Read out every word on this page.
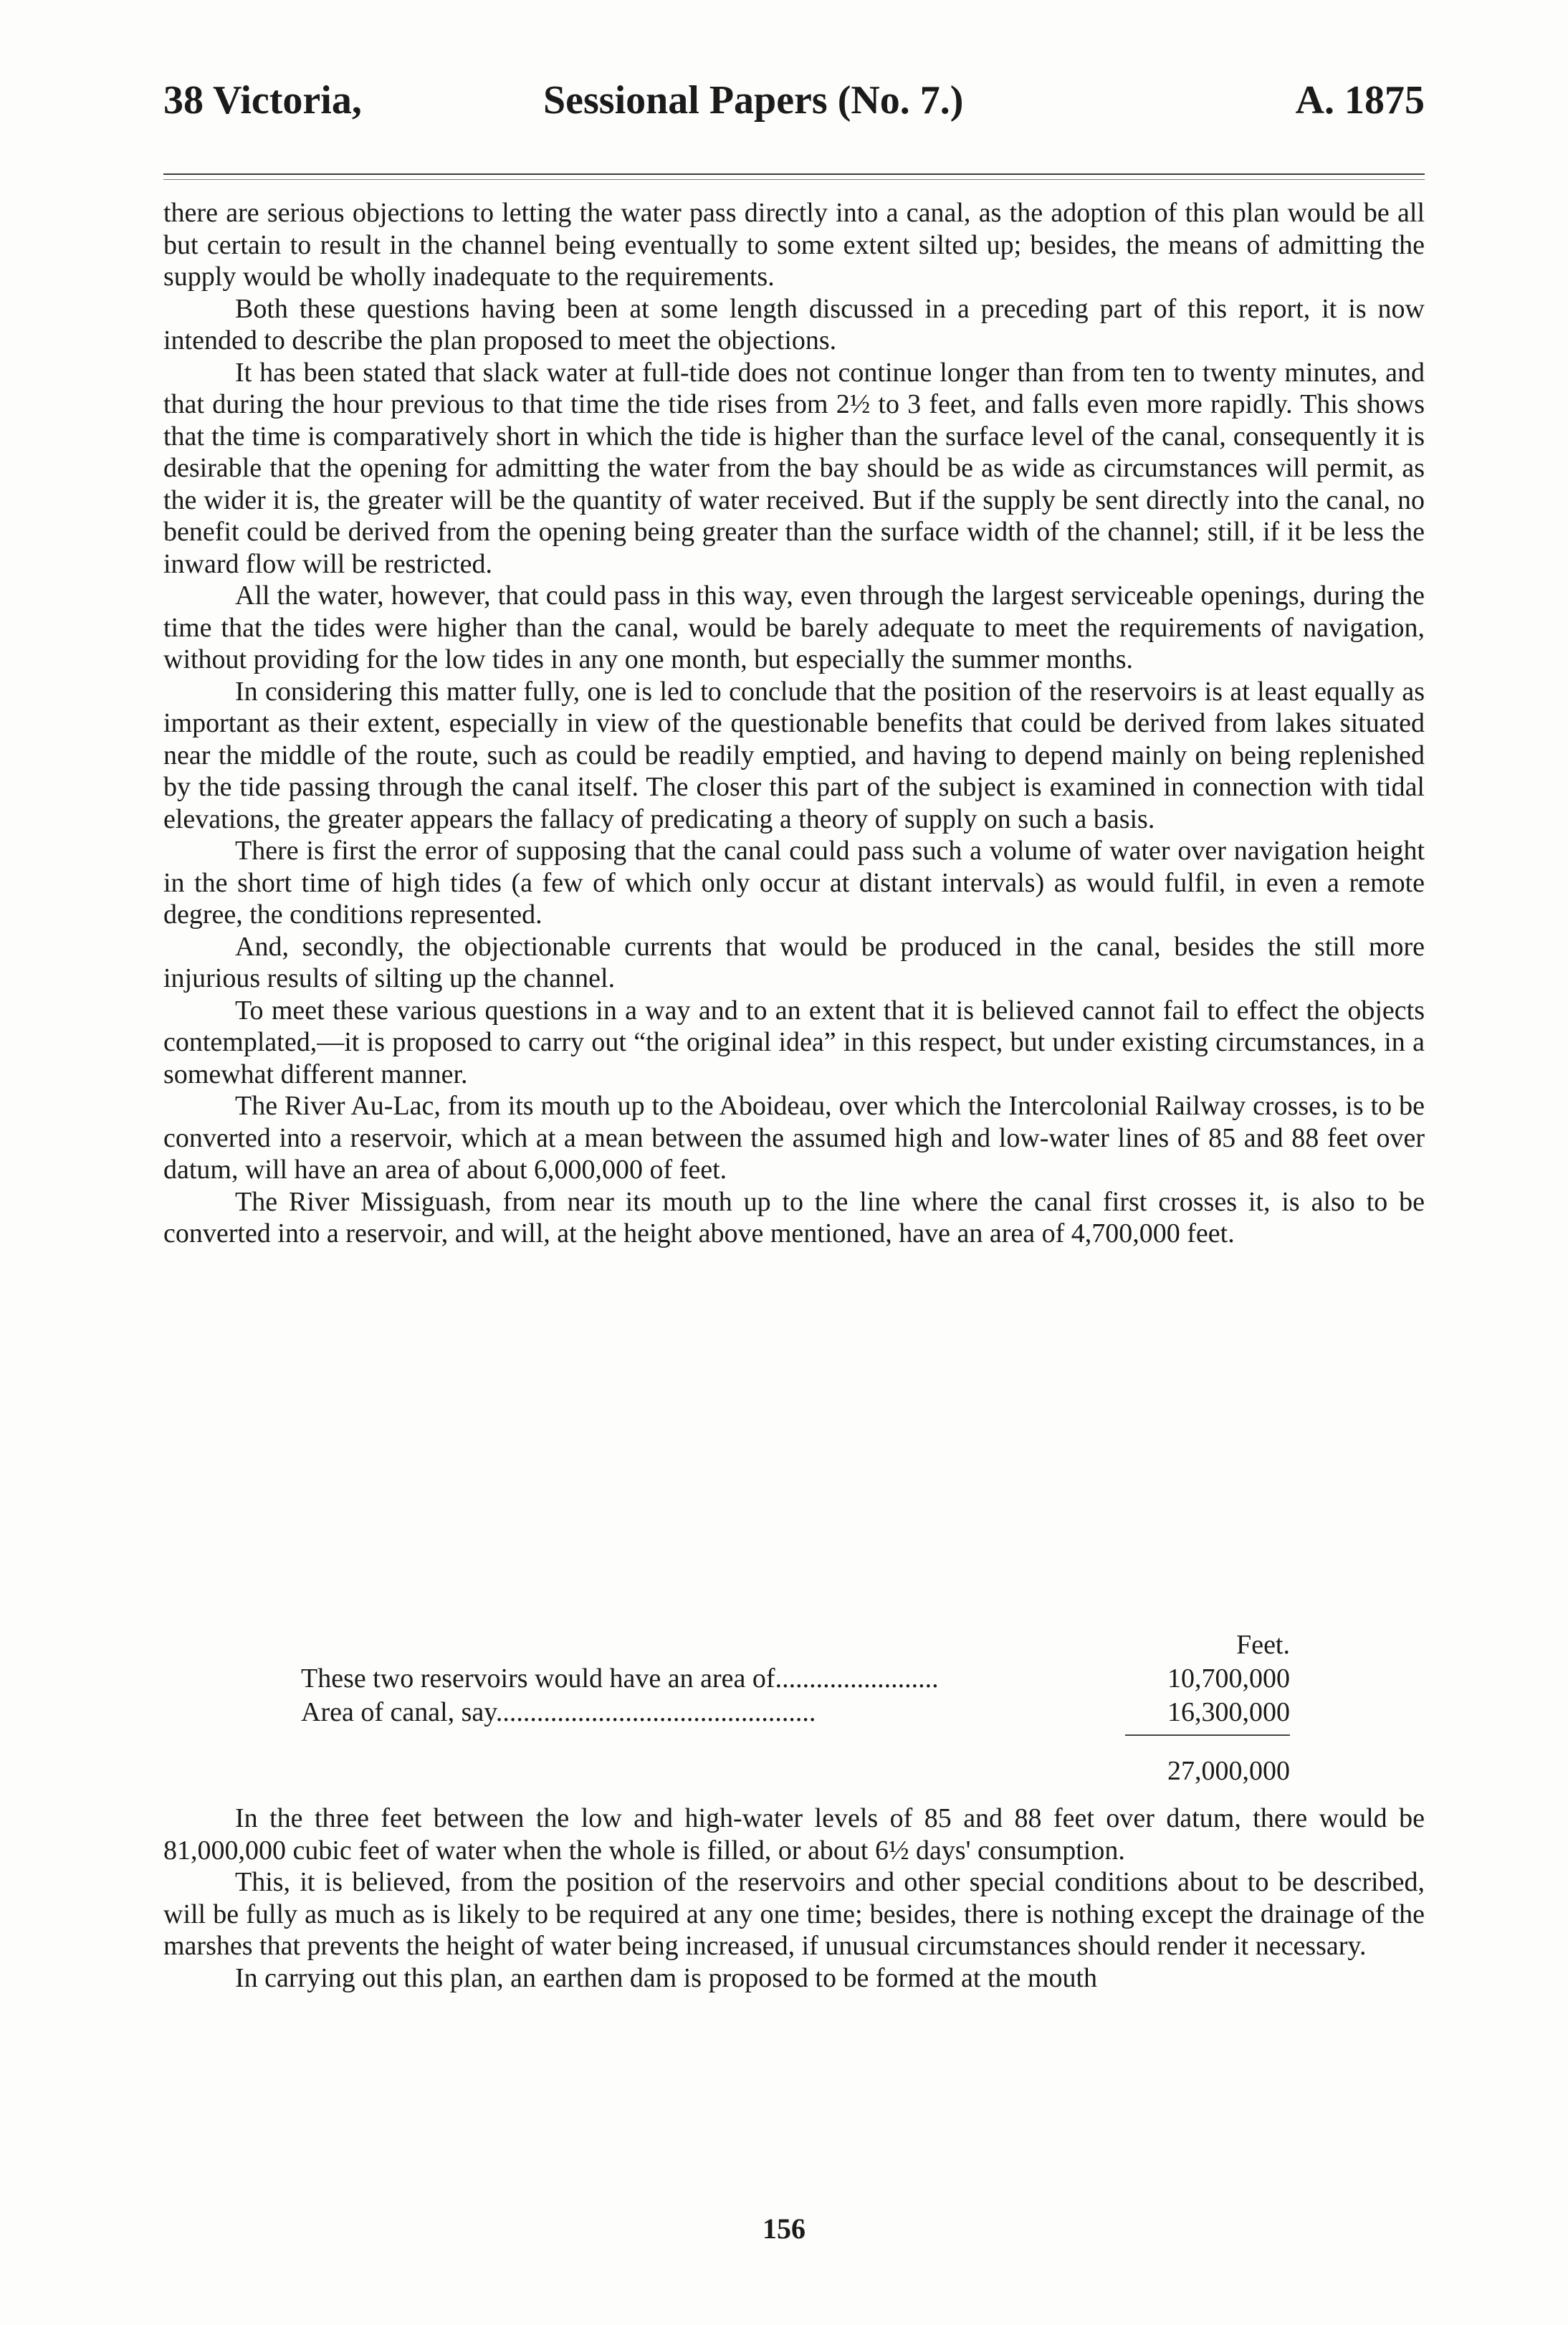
38 Victoria,	Sessional Papers (No. 7.)	A. 1875

there are serious objections to letting the water pass directly into a canal, as the adoption of this plan would be all but certain to result in the channel being eventually to some extent silted up; besides, the means of admitting the supply would be wholly inadequate to the requirements.

Both these questions having been at some length discussed in a preceding part of this report, it is now intended to describe the plan proposed to meet the objections.

It has been stated that slack water at full-tide does not continue longer than from ten to twenty minutes, and that during the hour previous to that time the tide rises from 2½ to 3 feet, and falls even more rapidly. This shows that the time is comparatively short in which the tide is higher than the surface level of the canal, consequently it is desirable that the opening for admitting the water from the bay should be as wide as circumstances will permit, as the wider it is, the greater will be the quantity of water received. But if the supply be sent directly into the canal, no benefit could be derived from the opening being greater than the surface width of the channel; still, if it be less the inward flow will be restricted.

All the water, however, that could pass in this way, even through the largest serviceable openings, during the time that the tides were higher than the canal, would be barely adequate to meet the requirements of navigation, without providing for the low tides in any one month, but especially the summer months.

In considering this matter fully, one is led to conclude that the position of the reservoirs is at least equally as important as their extent, especially in view of the questionable benefits that could be derived from lakes situated near the middle of the route, such as could be readily emptied, and having to depend mainly on being replenished by the tide passing through the canal itself. The closer this part of the subject is examined in connection with tidal elevations, the greater appears the fallacy of predicating a theory of supply on such a basis.

There is first the error of supposing that the canal could pass such a volume of water over navigation height in the short time of high tides (a few of which only occur at distant intervals) as would fulfil, in even a remote degree, the conditions represented.

And, secondly, the objectionable currents that would be produced in the canal, besides the still more injurious results of silting up the channel.

To meet these various questions in a way and to an extent that it is believed cannot fail to effect the objects contemplated,—it is proposed to carry out “the original idea” in this respect, but under existing circumstances, in a somewhat different manner.

The River Au-Lac, from its mouth up to the Aboideau, over which the Intercolonial Railway crosses, is to be converted into a reservoir, which at a mean between the assumed high and low-water lines of 85 and 88 feet over datum, will have an area of about 6,000,000 of feet.

The River Missiguash, from near its mouth up to the line where the canal first crosses it, is also to be converted into a reservoir, and will, at the height above mentioned, have an area of 4,700,000 feet.

Feet.
These two reservoirs would have an area of........................	10,700,000
Area of canal, say...............................................	16,300,000
27,000,000

In the three feet between the low and high-water levels of 85 and 88 feet over datum, there would be 81,000,000 cubic feet of water when the whole is filled, or about 6½ days' consumption.

This, it is believed, from the position of the reservoirs and other special conditions about to be described, will be fully as much as is likely to be required at any one time; besides, there is nothing except the drainage of the marshes that prevents the height of water being increased, if unusual circumstances should render it necessary.

In carrying out this plan, an earthen dam is proposed to be formed at the mouth

156
